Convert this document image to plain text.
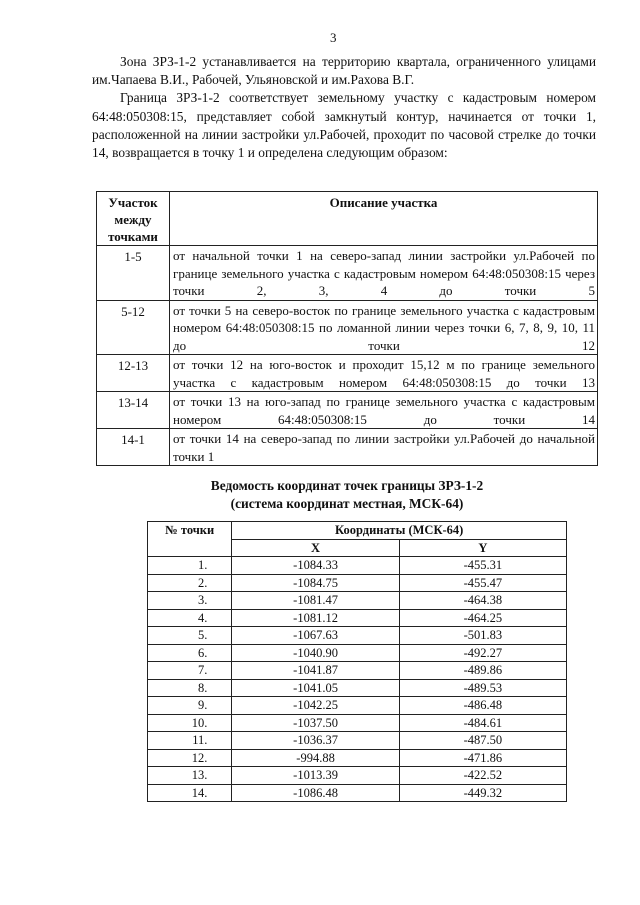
3

Зона ЗРЗ-1-2 устанавливается на территорию квартала, ограниченного улицами им.Чапаева В.И., Рабочей, Ульяновской и им.Рахова В.Г.

Граница ЗРЗ-1-2 соответствует земельному участку с кадастровым номером 64:48:050308:15, представляет собой замкнутый контур, начинается от точки 1, расположенной на линии застройки ул.Рабочей, проходит по часовой стрелке до точки 14, возвращается в точку 1 и определена следующим образом:

Участок между точками	Описание участка
1-5	от начальной точки 1 на северо-запад линии застройки ул.Рабочей по границе земельного участка с кадастровым номером 64:48:050308:15 через точки 2, 3, 4 до точки 5
5-12	от точки 5 на северо-восток по границе земельного участка с кадастровым номером 64:48:050308:15 по ломанной линии через точки 6, 7, 8, 9, 10, 11 до точки 12
12-13	от точки 12 на юго-восток и проходит 15,12 м по границе земельного участка с кадастровым номером 64:48:050308:15 до точки 13
13-14	от точки 13 на юго-запад по границе земельного участка с кадастровым номером 64:48:050308:15 до точки 14
14-1	от точки 14 на северо-запад по линии застройки ул.Рабочей до начальной точки 1
Ведомость координат точек границы ЗРЗ-1-2
(система координат местная, МСК-64)
№ точки	Координаты (МСК-64)	
	X	Y
1.	-1084.33	-455.31
2.	-1084.75	-455.47
3.	-1081.47	-464.38
4.	-1081.12	-464.25
5.	-1067.63	-501.83
6.	-1040.90	-492.27
7.	-1041.87	-489.86
8.	-1041.05	-489.53
9.	-1042.25	-486.48
10.	-1037.50	-484.61
11.	-1036.37	-487.50
12.	-994.88	-471.86
13.	-1013.39	-422.52
14.	-1086.48	-449.32
